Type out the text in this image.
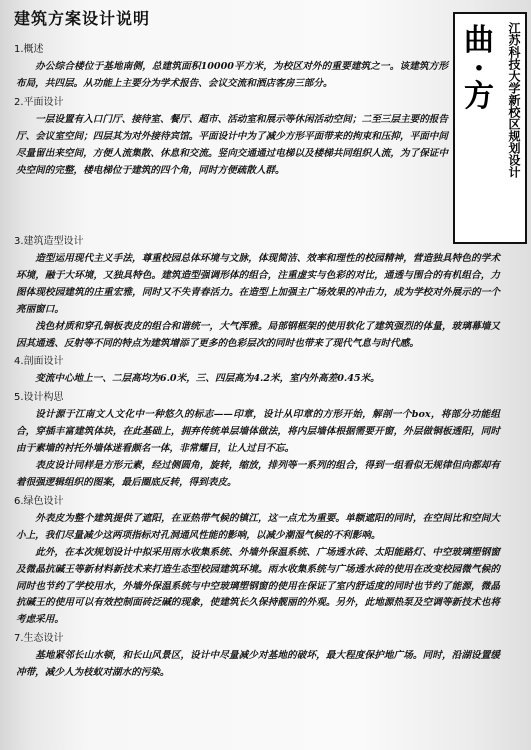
建筑方案设计说明
曲
·
方	江苏科技大学新校区规划设计
1.概述

办公综合楼位于基地南侧，总建筑面积10000平方米，为校区对外的重要建筑之一。该建筑方形布局，共四层。从功能上主要分为学术报告、会议交流和酒店客房三部分。

2.平面设计

一层设置有入口门厅、接待室、餐厅、超市、活动室和展示等休闲活动空间；二至三层主要的报告厅、会议室空间；四层其为对外接待宾馆。平面设计中为了减少方形平面带来的拘束和压抑，平面中间尽量留出来空间，方便人流集散、休息和交流。竖向交通通过电梯以及楼梯共同组织人流，为了保证中央空间的完整，楼电梯位于建筑的四个角，同时方便疏散人群。

3.建筑造型设计

造型运用现代主义手法，尊重校园总体环境与文脉，体现简洁、效率和理性的校园精神，营造独具特色的学术环境，融于大环境，又独具特色。建筑造型强调形体的组合，注重虚实与色彩的对比，通透与围合的有机组合，力图体现校园建筑的庄重宏雅，同时又不失青春活力。在造型上加强主广场效果的冲击力，成为学校对外展示的一个亮丽窗口。

浅色材质和穿孔铜板表皮的组合和谐统一，大气浑雅。局部钢框架的使用软化了建筑强烈的体量，玻璃幕墙又因其通透、反射等不同的特点为建筑增添了更多的色彩层次的同时也带来了现代气息与时代感。

4.剖面设计

变流中心地上一、二层高均为6.0米，三、四层高为4.2米，室内外高差0.45米。

5.设计构思

设计源于江南文人文化中一种悠久的标志——印章，设计从印章的方形开始，解剖一个box，将部分功能组合，穿插丰富建筑体块，在此基础上，拥弃传统单层墙体做法，将内层墙体根据需要开窗，外层做铜板透阳，同时由于素墙的衬托外墙体迷看颇名一体，非常耀目，让人过目不忘。

表皮设计同样是方形元素，经过侧圆角，旋转，缩放，排列等一系列的组合，得到一组看似无规律但向都却有着很强逻辑组织的图案，最后圈底反转，得到表皮。

6.绿色设计

外表皮为整个建筑提供了遮阳，在亚热带气候的镇江，这一点尤为重要。单额遮阳的同时，在空间比和空间大小上，我们尽量减少这两项指标对孔洞通风性能的影响，以减少潮湿气候的不利影响。

此外，在本次规划设计中拟采用雨水收集系统、外墙外保温系统、广场透水砖、太阳能路灯、中空玻璃塑钢窗及微晶抗碱王等新材料新技术来打造生态型校园建筑环境。雨水收集系统与广场透水砖的使用在改变校园微气候的同时也节约了学校用水，外墙外保温系统与中空玻璃塑钢窗的使用在保证了室内舒适度的同时也节约了能源，微晶抗碱王的使用可以有效控制面砖泛碱的现象，使建筑长久保持靓丽的外观。另外，此地源热泵及空调等新技术也将考虑采用。

7.生态设计

基地紧邻长山水顿，和长山风景区，设计中尽量减少对基地的破坏，最大程度保护地广场。同时，沿湖设置缓冲带，减少人为枝蚁对湖水的污染。
